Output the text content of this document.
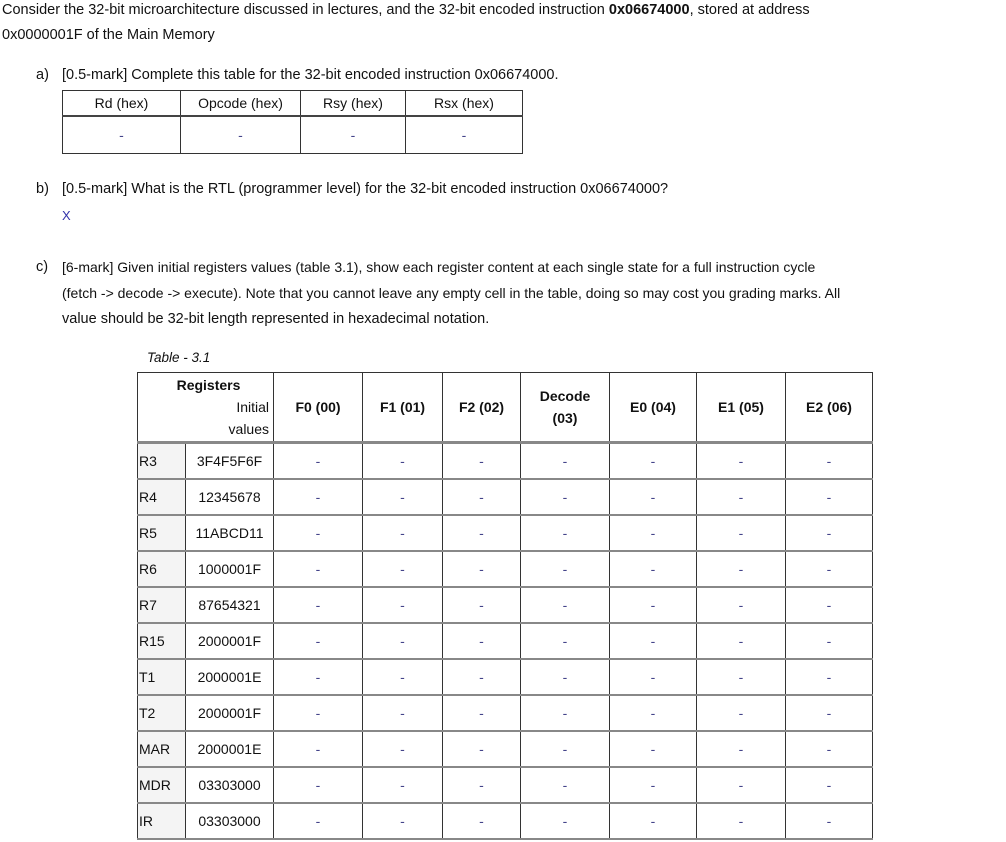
Consider the 32-bit microarchitecture discussed in lectures, and the 32-bit encoded instruction 0x06674000, stored at address
0x0000001F of the Main Memory
a) [0.5-mark] Complete this table for the 32-bit encoded instruction 0x06674000.
Rd (hex)	Opcode (hex)	Rsy (hex)	Rsx (hex)
-	-	-	-
b) [0.5-mark] What is the RTL (programmer level) for the 32-bit encoded instruction 0x06674000?
X
c) [6-mark] Given initial registers values (table 3.1), show each register content at each single state for a full instruction cycle
(fetch -> decode -> execute). Note that you cannot leave any empty cell in the table, doing so may cost you grading marks. All
value should be 32-bit length represented in hexadecimal notation.
Table - 3.1
Registers
Initial
values		F0 (00)	F1 (01)	F2 (02)	Decode (03)	E0 (04)	E1 (05)	E2 (06)
R3	3F4F5F6F	-	-	-	-	-	-	-
R4	12345678	-	-	-	-	-	-	-
R5	11ABCD11	-	-	-	-	-	-	-
R6	1000001F	-	-	-	-	-	-	-
R7	87654321	-	-	-	-	-	-	-
R15	2000001F	-	-	-	-	-	-	-
T1	2000001E	-	-	-	-	-	-	-
T2	2000001F	-	-	-	-	-	-	-
MAR	2000001E	-	-	-	-	-	-	-
MDR	03303000	-	-	-	-	-	-	-
IR	03303000	-	-	-	-	-	-	-
